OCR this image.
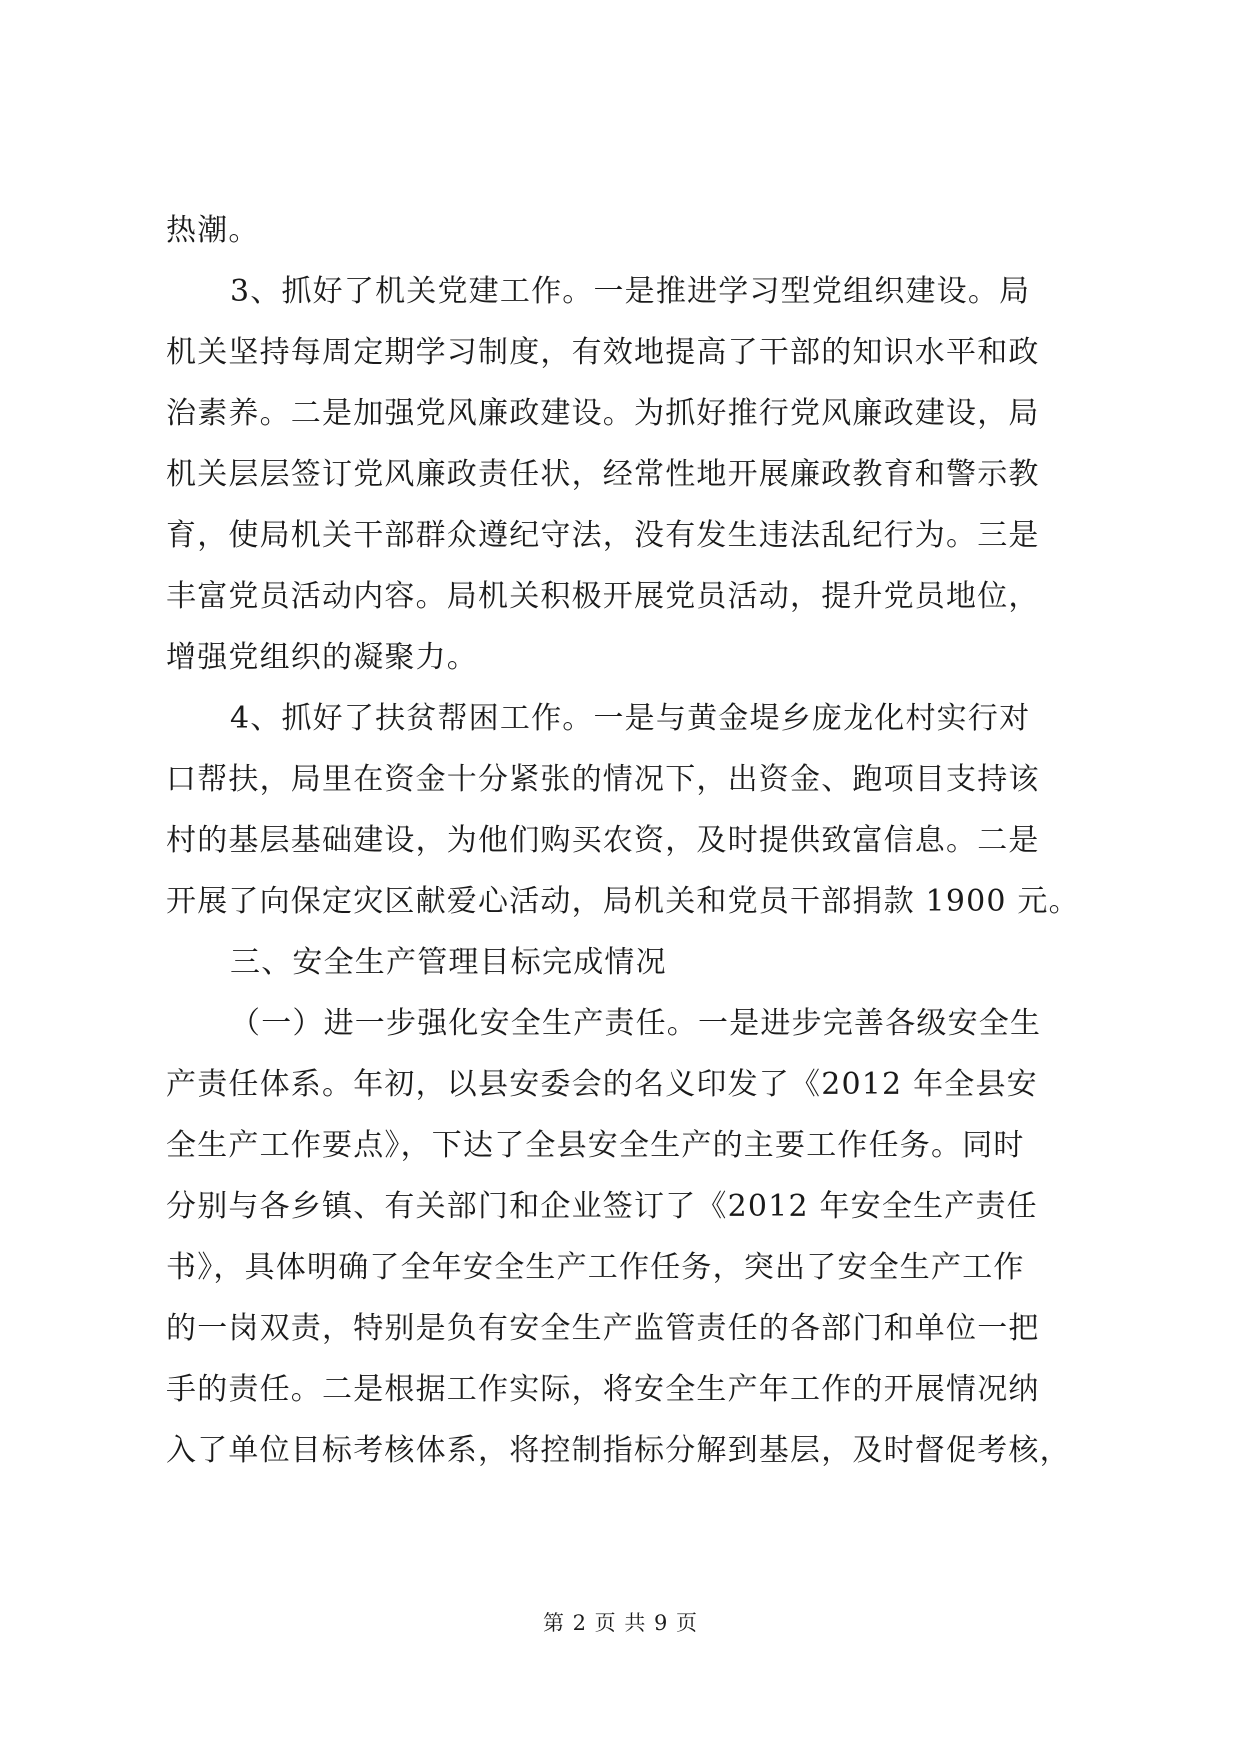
热潮。
3、抓好了机关党建工作。一是推进学习型党组织建设。局
机关坚持每周定期学习制度，有效地提高了干部的知识水平和政
治素养。二是加强党风廉政建设。为抓好推行党风廉政建设，局
机关层层签订党风廉政责任状，经常性地开展廉政教育和警示教
育，使局机关干部群众遵纪守法，没有发生违法乱纪行为。三是
丰富党员活动内容。局机关积极开展党员活动，提升党员地位，
增强党组织的凝聚力。
4、抓好了扶贫帮困工作。一是与黄金堤乡庞龙化村实行对
口帮扶，局里在资金十分紧张的情况下，出资金、跑项目支持该
村的基层基础建设，为他们购买农资，及时提供致富信息。二是
开展了向保定灾区献爱心活动，局机关和党员干部捐款 1900 元。
三、安全生产管理目标完成情况
（一）进一步强化安全生产责任。一是进步完善各级安全生
产责任体系。年初，以县安委会的名义印发了《2012 年全县安
全生产工作要点》，下达了全县安全生产的主要工作任务。同时
分别与各乡镇、有关部门和企业签订了《2012 年安全生产责任
书》，具体明确了全年安全生产工作任务，突出了安全生产工作
的一岗双责，特别是负有安全生产监管责任的各部门和单位一把
手的责任。二是根据工作实际，将安全生产年工作的开展情况纳
入了单位目标考核体系，将控制指标分解到基层，及时督促考核，
第 2 页 共 9 页
